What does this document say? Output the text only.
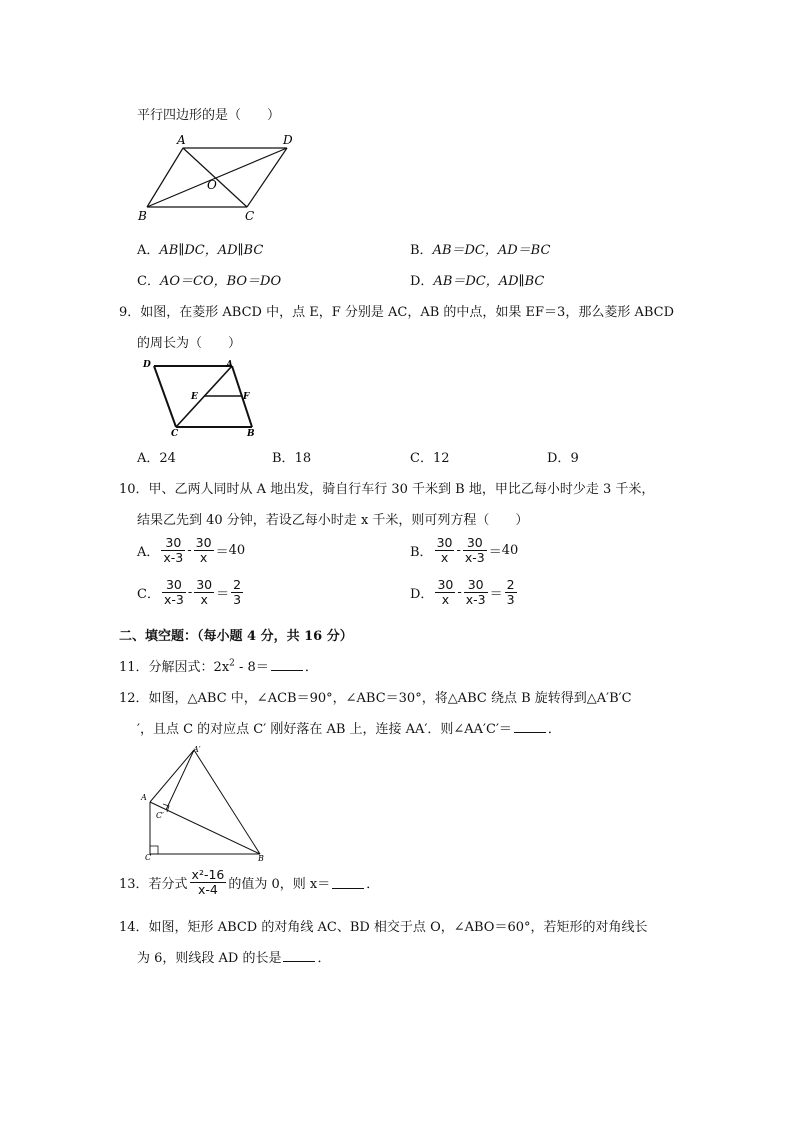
平行四边形的是（　　）
A	D
O
B	C
A．AB∥DC，AD∥BC	B．AB＝DC，AD＝BC
C．AO＝CO，BO＝DO	D．AB＝DC，AD∥BC
9．如图，在菱形 ABCD 中，点 E，F 分别是 AC，AB 的中点，如果 EF＝3，那么菱形 ABCD
的周长为（　　）
D	A
E	F
C	B
A．24	B．18	C．12	D．9
10．甲、乙两人同时从 A 地出发，骑自行车行 30 千米到 B 地，甲比乙每小时少走 3 千米，
结果乙先到 40 分钟，若设乙每小时走 x 千米，则可列方程（　　）
A． $\frac{30}{x-3} - \frac{30}{x} = 40$	B． $\frac{30}{x} - \frac{30}{x-3} = 40$
C． $\frac{30}{x-3} - \frac{30}{x} = \frac{2}{3}$	D． $\frac{30}{x} - \frac{30}{x-3} = \frac{2}{3}$
二、填空题：（每小题 4 分，共 16 分）
11．分解因式：$2x^2 - 8=$	．
12．如图，△ABC 中，∠ACB＝90°，∠ABC＝30°，将△ABC 绕点 B 旋转得到△A′B′C
′，且点 C 的对应点 C′ 刚好落在 AB 上，连接 AA′．则∠AA′C′＝	．
A′
A
C′
C	B
13．若分式 $\frac{\text{x²-16}}{x-4}$ 的值为 0，则 x＝	．
14．如图，矩形 ABCD 的对角线 AC、BD 相交于点 O，∠ABO＝60°，若矩形的对角线长
为 6，则线段 AD 的长是	．
